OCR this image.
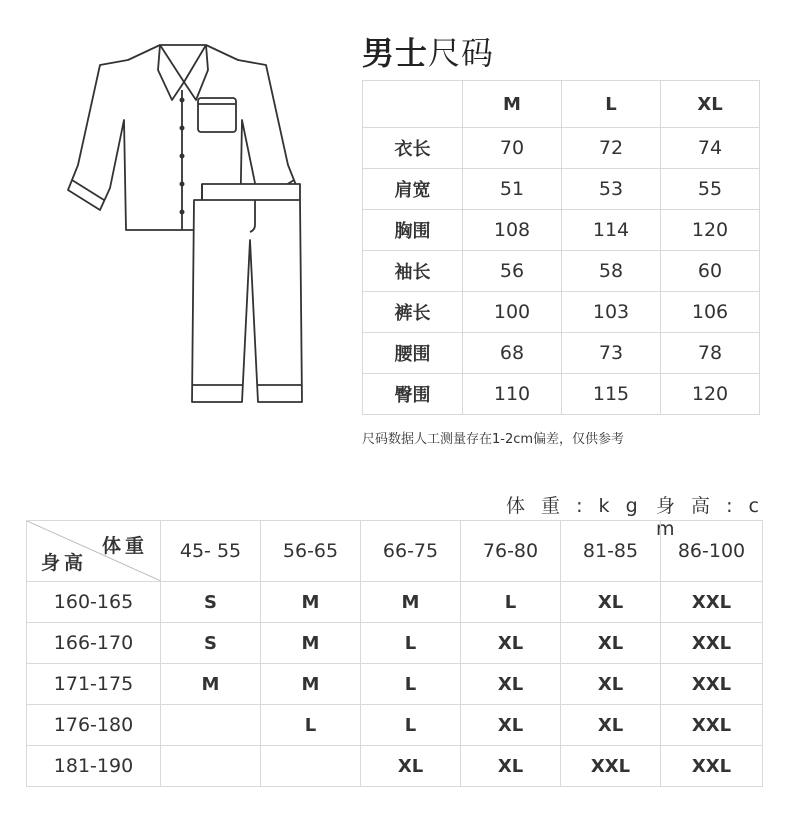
男士尺码
	M	L	XL
衣长	70	72	74
肩宽	51	53	55
胸围	108	114	120
袖长	56	58	60
裤长	100	103	106
腰围	68	73	78
臀围	110	115	120
尺码数据人工测量存在1-2cm偏差，仅供参考
体 重 : k g 身 高 : c m
体重
身高	45- 55	56-65	66-75	76-80	81-85	86-100
160-165	S	M	M	L	XL	XXL
166-170	S	M	L	XL	XL	XXL
171-175	M	M	L	XL	XL	XXL
176-180		L	L	XL	XL	XXL
181-190			XL	XL	XXL	XXL
